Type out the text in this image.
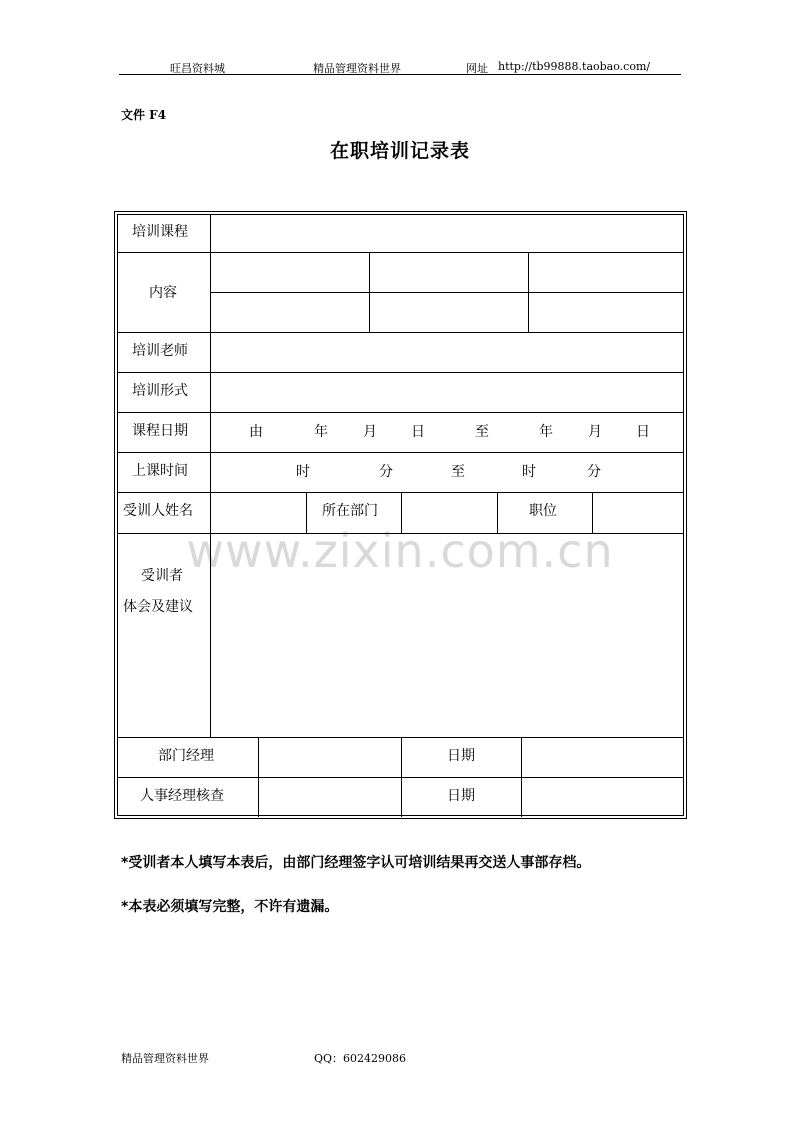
旺昌资料城	精品管理资料世界	网址 http://tb99888.taobao.com/
文件 F4
在职培训记录表
www.zixin.com.cn
培训课程
内容
培训老师
培训形式
课程日期	由	年	月 日	至	年	月 日
上课时间	时	分	至	时	分
受训人姓名	所在部门	职位
受训者
体会及建议
部门经理	日期
人事经理核查	日期
*受训者本人填写本表后，由部门经理签字认可培训结果再交送人事部存档。
*本表必须填写完整，不许有遗漏。
精品管理资料世界	QQ：602429086
